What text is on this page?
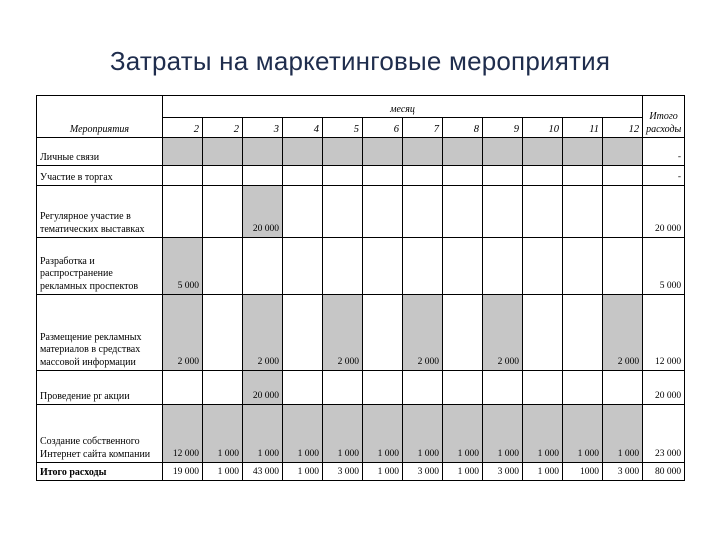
Затраты на маркетинговые мероприятия
Мероприятия	месяц												Итого расходы
	2	2	3	4	5	6	7	8	9	10	11	12	
Личные связи													-
Участие в торгах													-
Регулярное участие в тематических выставках			20 000										20 000
Разработка и распространение рекламных проспектов	5 000												5 000
Размещение рекламных материалов в средствах массовой информации	2 000		2 000		2 000		2 000		2 000			2 000	12 000
Проведение pr акции			20 000										20 000
Создание собственного Интернет сайта компании	12 000	1 000	1 000	1 000	1 000	1 000	1 000	1 000	1 000	1 000	1 000	1 000	23 000
Итого расходы	19 000	1 000	43 000	1 000	3 000	1 000	3 000	1 000	3 000	1 000	1000	3 000	80 000
